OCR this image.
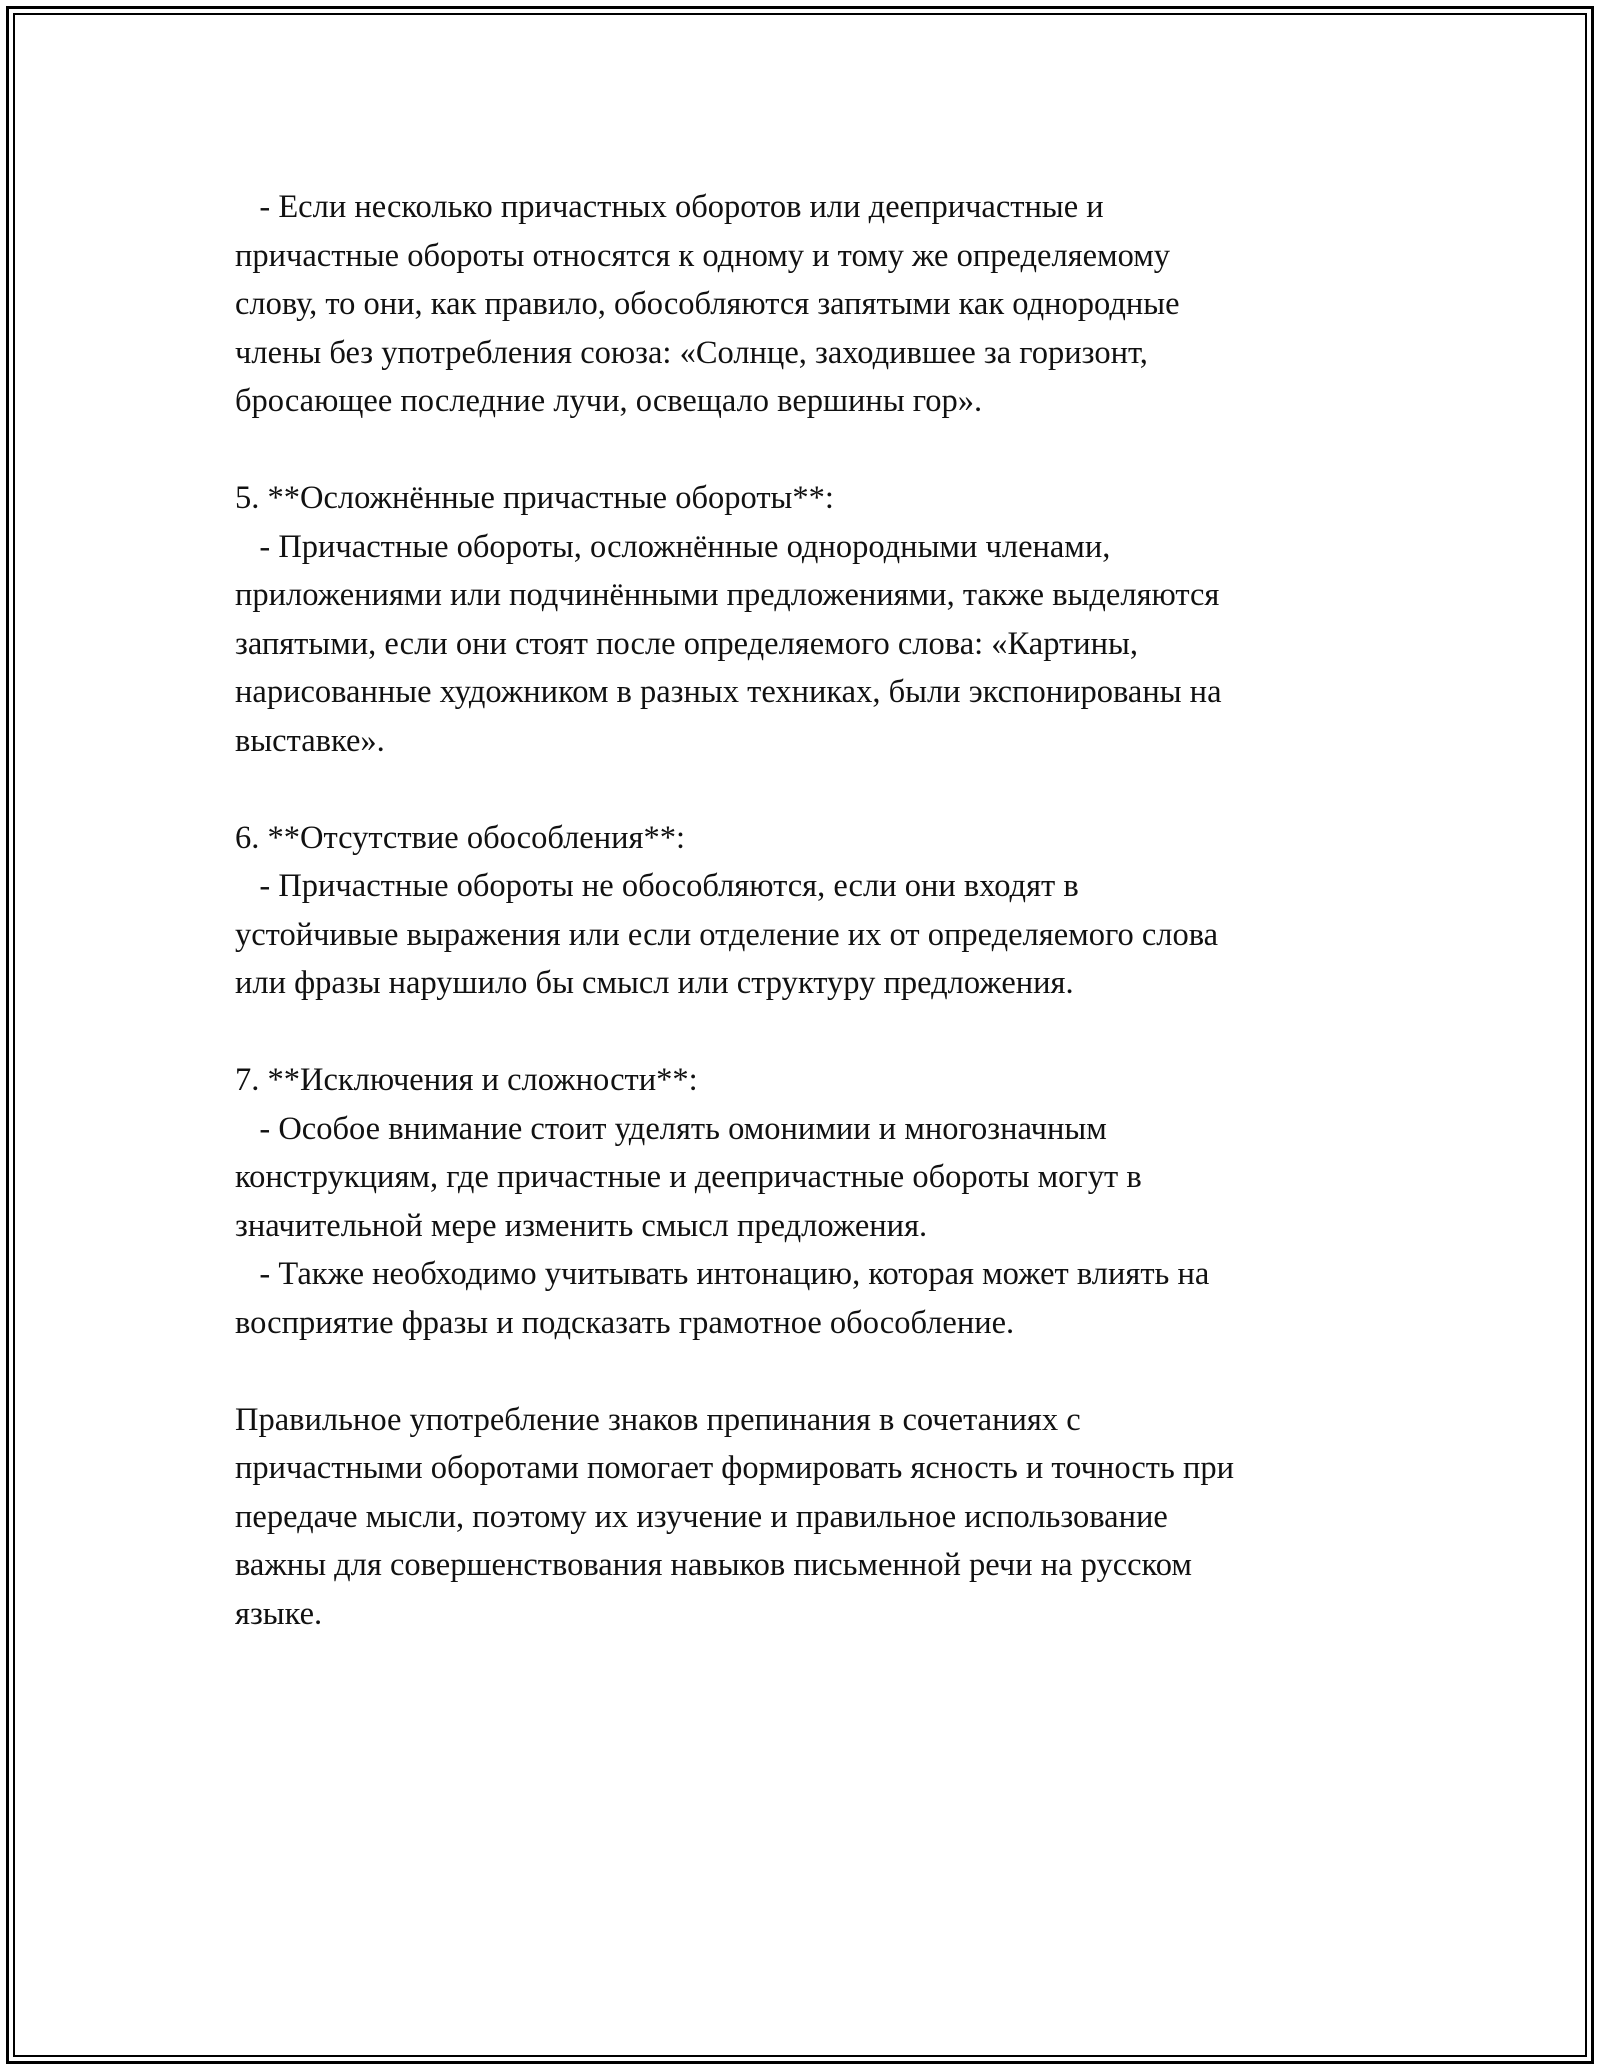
- Если несколько причастных оборотов или деепричастные и
причастные обороты относятся к одному и тому же определяемому
слову, то они, как правило, обособляются запятыми как однородные
члены без употребления союза: «Солнце, заходившее за горизонт,
бросающее последние лучи, освещало вершины гор».
5. **Осложнённые причастные обороты**:
- Причастные обороты, осложнённые однородными членами,
приложениями или подчинёнными предложениями, также выделяются
запятыми, если они стоят после определяемого слова: «Картины,
нарисованные художником в разных техниках, были экспонированы на
выставке».
6. **Отсутствие обособления**:
- Причастные обороты не обособляются, если они входят в
устойчивые выражения или если отделение их от определяемого слова
или фразы нарушило бы смысл или структуру предложения.
7. **Исключения и сложности**:
- Особое внимание стоит уделять омонимии и многозначным
конструкциям, где причастные и деепричастные обороты могут в
значительной мере изменить смысл предложения.
- Также необходимо учитывать интонацию, которая может влиять на
восприятие фразы и подсказать грамотное обособление.
Правильное употребление знаков препинания в сочетаниях с
причастными оборотами помогает формировать ясность и точность при
передаче мысли, поэтому их изучение и правильное использование
важны для совершенствования навыков письменной речи на русском
языке.
